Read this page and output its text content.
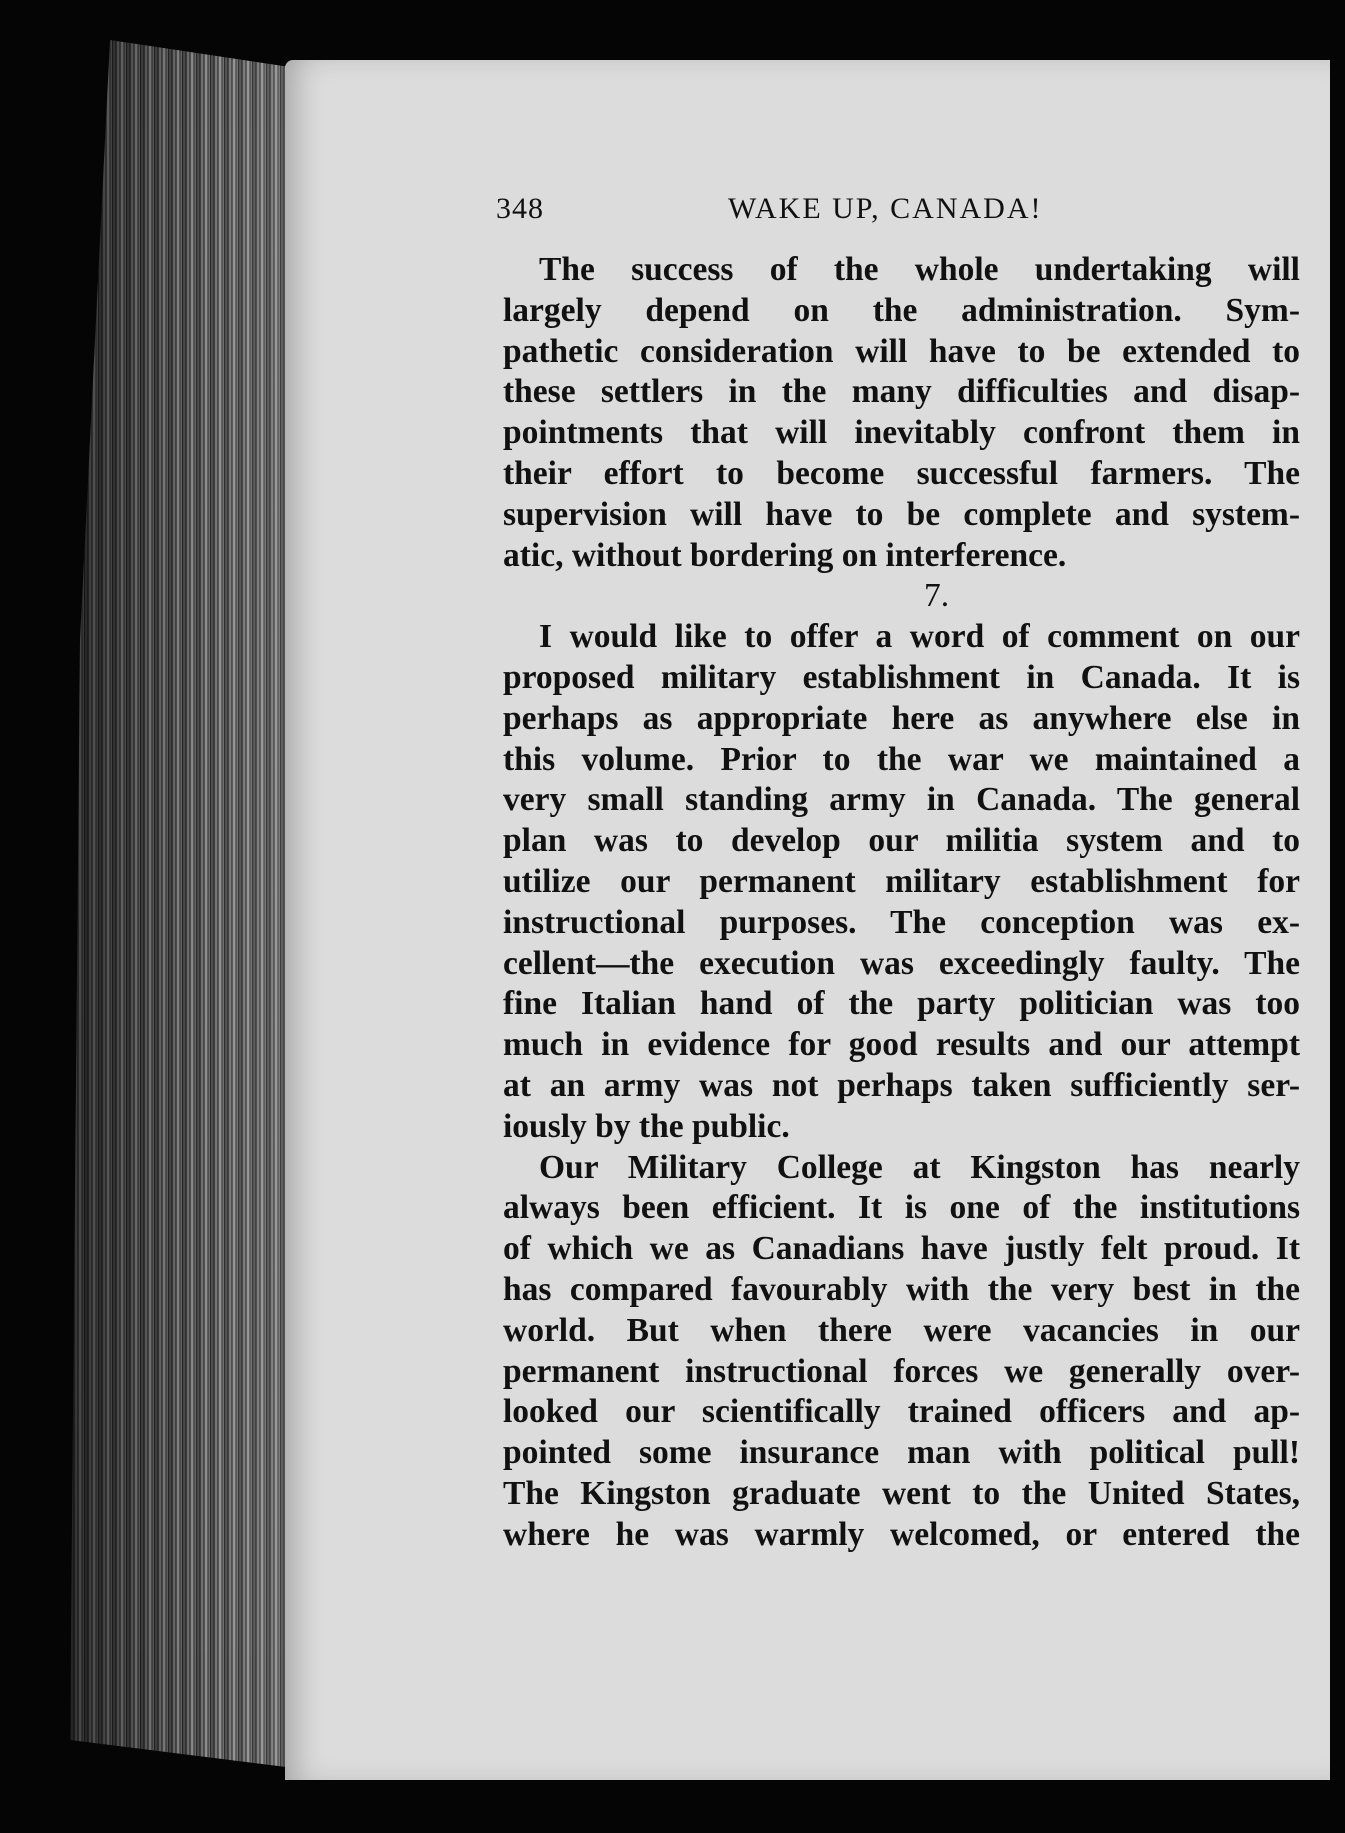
348	WAKE UP, CANADA!
The success of the whole undertaking will
largely depend on the administration. Sym-
pathetic consideration will have to be extended to
these settlers in the many difficulties and disap-
pointments that will inevitably confront them in
their effort to become successful farmers. The
supervision will have to be complete and system-
atic, without bordering on interference.
7.
I would like to offer a word of comment on our
proposed military establishment in Canada. It is
perhaps as appropriate here as anywhere else in
this volume. Prior to the war we maintained a
very small standing army in Canada. The general
plan was to develop our militia system and to
utilize our permanent military establishment for
instructional purposes. The conception was ex-
cellent—the execution was exceedingly faulty. The
fine Italian hand of the party politician was too
much in evidence for good results and our attempt
at an army was not perhaps taken sufficiently ser-
iously by the public.
Our Military College at Kingston has nearly
always been efficient. It is one of the institutions
of which we as Canadians have justly felt proud. It
has compared favourably with the very best in the
world. But when there were vacancies in our
permanent instructional forces we generally over-
looked our scientifically trained officers and ap-
pointed some insurance man with political pull!
The Kingston graduate went to the United States,
where he was warmly welcomed, or entered the
